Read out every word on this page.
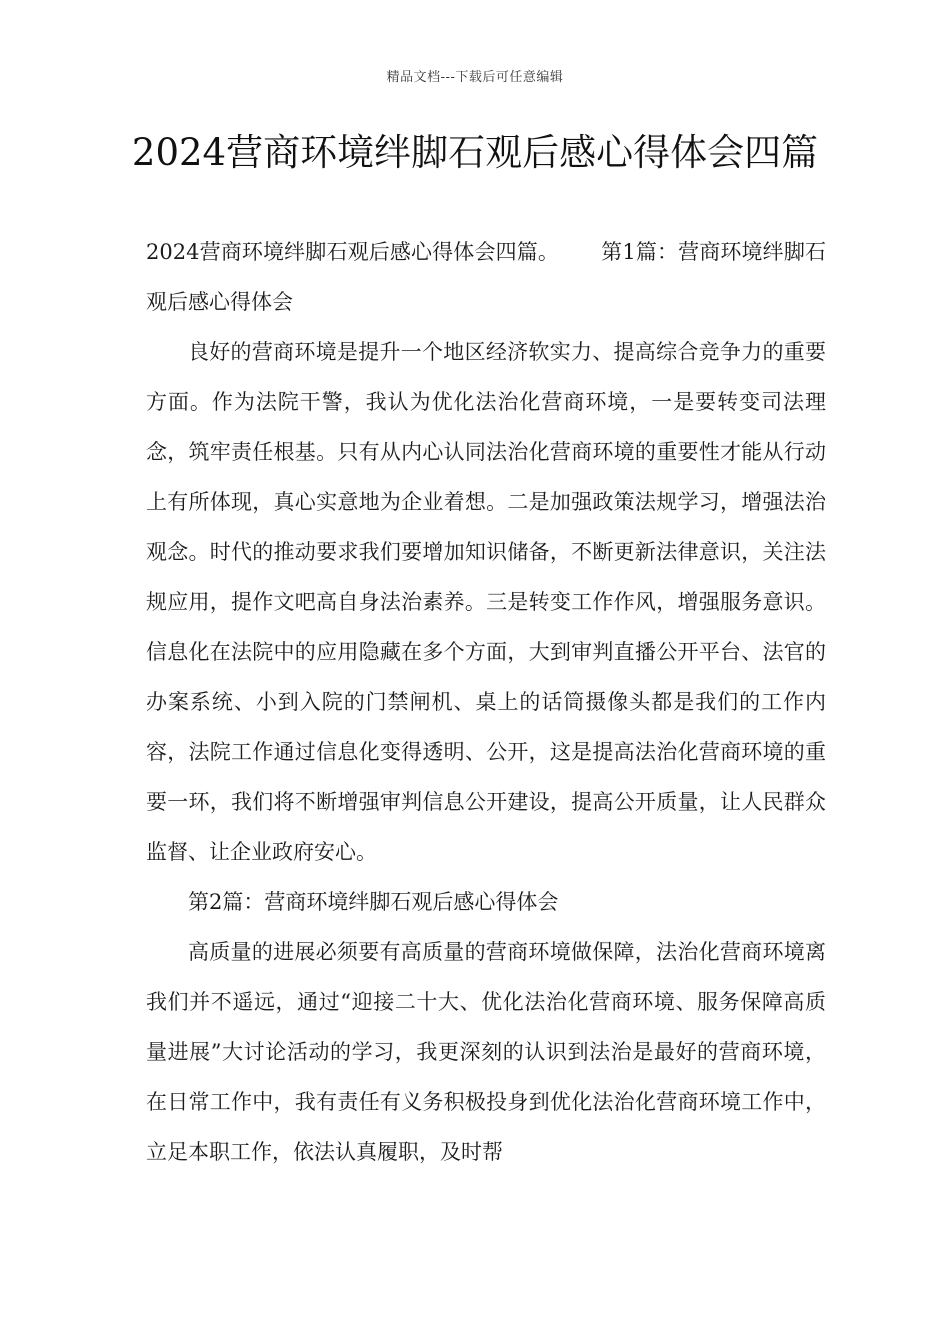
精品文档---下载后可任意编辑
2024营商环境绊脚石观后感心得体会四篇

2024营商环境绊脚石观后感心得体会四篇。 第1篇：营商环境绊脚石观后感心得体会

良好的营商环境是提升一个地区经济软实力、提高综合竞争力的重要方面。作为法院干警，我认为优化法治化营商环境，一是要转变司法理念，筑牢责任根基。只有从内心认同法治化营商环境的重要性才能从行动上有所体现，真心实意地为企业着想。二是加强政策法规学习，增强法治观念。时代的推动要求我们要增加知识储备，不断更新法律意识，关注法规应用，提作文吧高自身法治素养。三是转变工作作风，增强服务意识。信息化在法院中的应用隐藏在多个方面，大到审判直播公开平台、法官的办案系统、小到入院的门禁闸机、桌上的话筒摄像头都是我们的工作内容，法院工作通过信息化变得透明、公开，这是提高法治化营商环境的重要一环，我们将不断增强审判信息公开建设，提高公开质量，让人民群众监督、让企业政府安心。

第2篇：营商环境绊脚石观后感心得体会

高质量的进展必须要有高质量的营商环境做保障，法治化营商环境离我们并不遥远，通过“迎接二十大、优化法治化营商环境、服务保障高质量进展”大讨论活动的学习，我更深刻的认识到法治是最好的营商环境，在日常工作中，我有责任有义务积极投身到优化法治化营商环境工作中，立足本职工作，依法认真履职，及时帮
